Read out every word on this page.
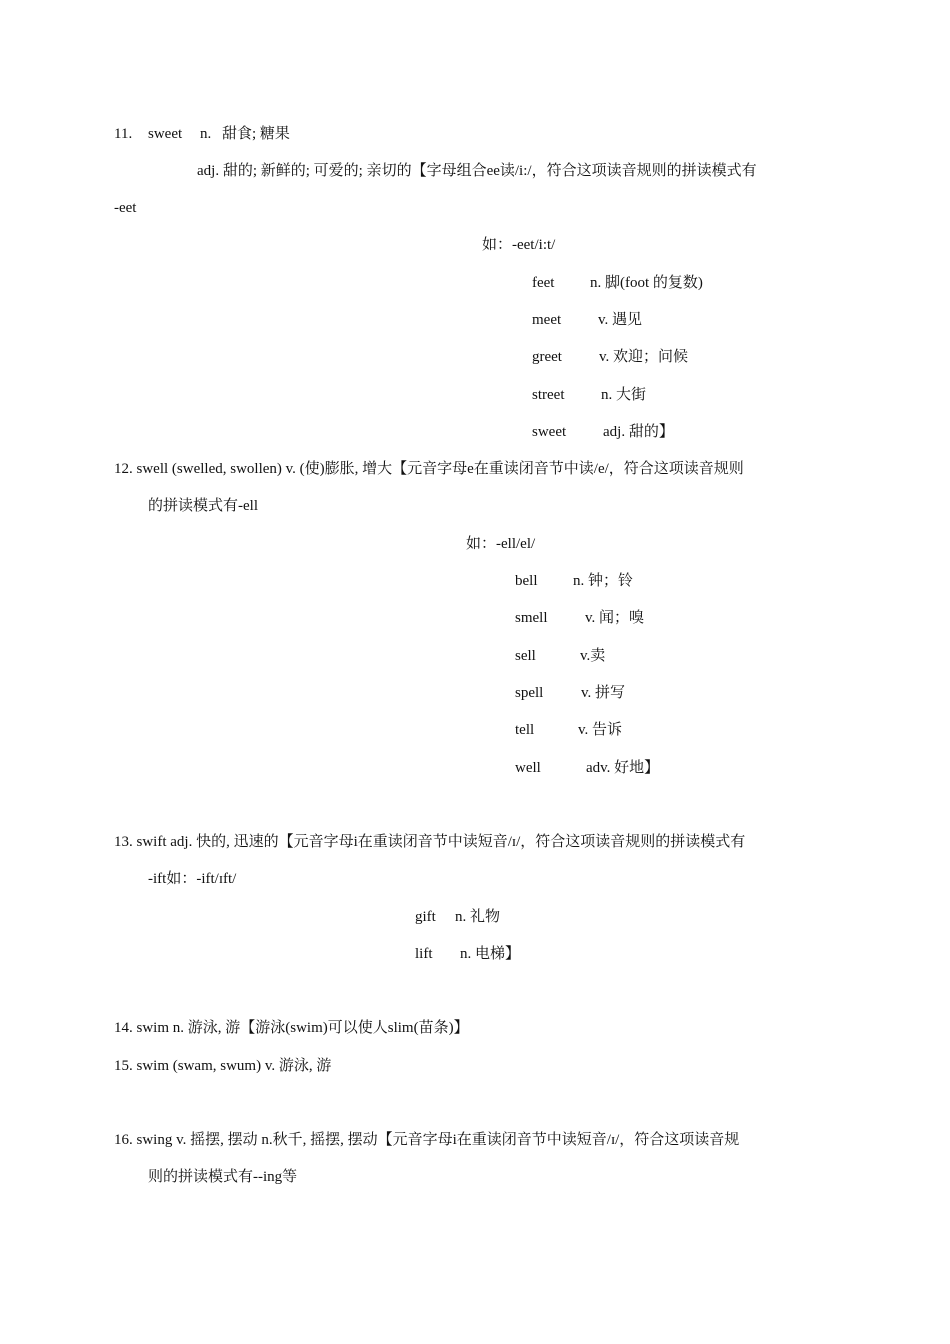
11. sweet n. 甜食; 糖果
adj. 甜的; 新鲜的; 可爱的; 亲切的【字母组合ee读/i:/，符合这项读音规则的拼读模式有
-eet
如：-eet/i:t/
feet n. 脚(foot 的复数)
meet v. 遇见
greet v. 欢迎；问候
street n. 大街
sweet adj. 甜的】
12. swell (swelled, swollen) v. (使)膨胀, 增大【元音字母e在重读闭音节中读/e/，符合这项读音规则
的拼读模式有-ell
如：-ell/el/
bell n. 钟；铃
smell	v. 闻；嗅
sell	v.卖
spell	v. 拼写
tell	v. 告诉
well	adv. 好地】
13. swift adj. 快的, 迅速的【元音字母i在重读闭音节中读短音/ɪ/，符合这项读音规则的拼读模式有
-ift如：-ift/ɪft/
gift n. 礼物
lift n. 电梯】
14. swim n. 游泳, 游【游泳(swim)可以使人slim(苗条)】
15. swim (swam, swum) v. 游泳, 游
16. swing v. 摇摆, 摆动 n.秋千, 摇摆, 摆动【元音字母i在重读闭音节中读短音/ɪ/，符合这项读音规
则的拼读模式有--ing等
